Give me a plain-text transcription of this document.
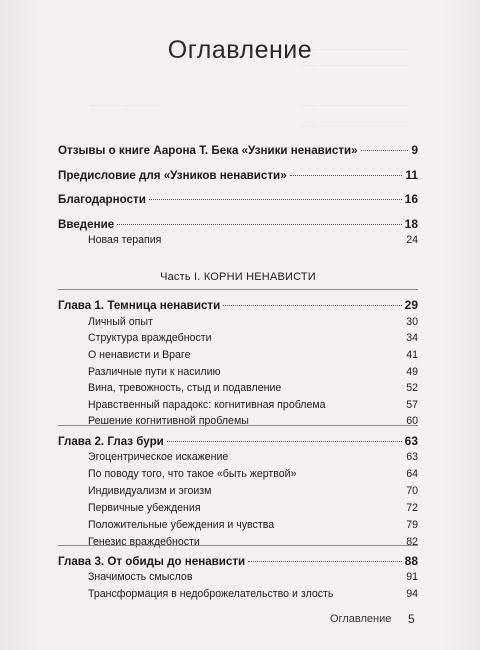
.......................................
.......................................
.......................................
.......................................
.........................
Оглавление
Отзывы о книге Аарона Т. Бека «Узники ненависти»	9
Предисловие для «Узников ненависти»	11
Благодарности	16
Введение	18
Новая терапия	24
Часть I. КОРНИ НЕНАВИСТИ
Глава 1. Темница ненависти	29
Личный опыт	30
Структура враждебности	34
О ненависти и Враге	41
Различные пути к насилию	49
Вина, тревожность, стыд и подавление	52
Нравственный парадокс: когнитивная проблема	57
Решение когнитивной проблемы	60
Глава 2. Глаз бури	63
Эгоцентрическое искажение	63
По поводу того, что такое «быть жертвой»	64
Индивидуализм и эгоизм	70
Первичные убеждения	72
Положительные убеждения и чувства	79
Генезис враждебности	82
Глава 3. От обиды до ненависти	88
Значимость смыслов	91
Трансформация в недоброжелательство и злость	94
Оглавление 5
